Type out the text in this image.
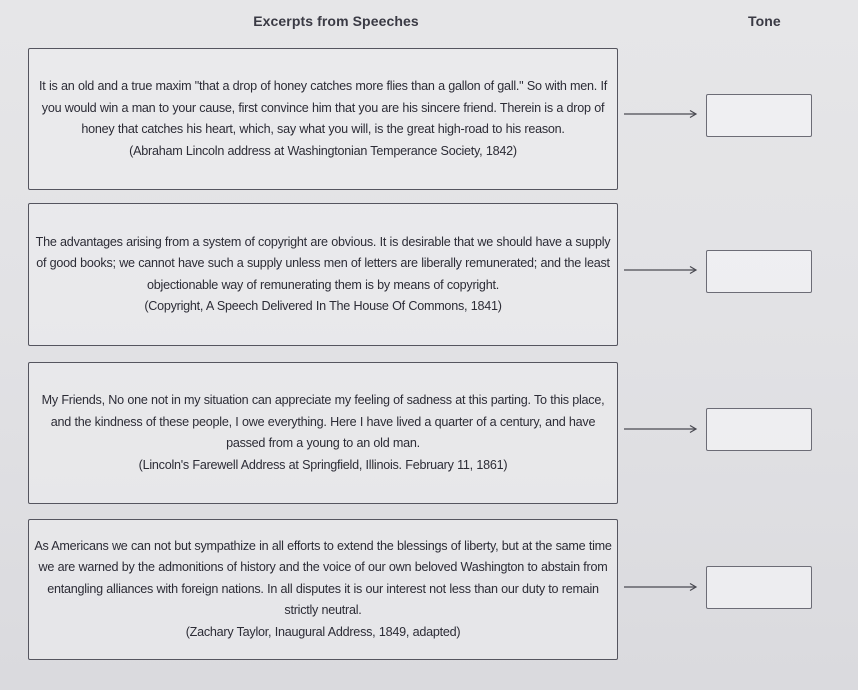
Excerpts from Speeches	Tone
It is an old and a true maxim "that a drop of honey catches more flies than a gallon of gall." So with men. If you would win a man to your cause, first convince him that you are his sincere friend. Therein is a drop of honey that catches his heart, which, say what you will, is the great high-road to his reason.
(Abraham Lincoln address at Washingtonian Temperance Society, 1842)
The advantages arising from a system of copyright are obvious. It is desirable that we should have a supply of good books; we cannot have such a supply unless men of letters are liberally remunerated; and the least objectionable way of remunerating them is by means of copyright.
(Copyright, A Speech Delivered In The House Of Commons, 1841)
My Friends, No one not in my situation can appreciate my feeling of sadness at this parting. To this place, and the kindness of these people, I owe everything. Here I have lived a quarter of a century, and have passed from a young to an old man.
(Lincoln's Farewell Address at Springfield, Illinois. February 11, 1861)
As Americans we can not but sympathize in all efforts to extend the blessings of liberty, but at the same time we are warned by the admonitions of history and the voice of our own beloved Washington to abstain from entangling alliances with foreign nations. In all disputes it is our interest not less than our duty to remain strictly neutral.
(Zachary Taylor, Inaugural Address, 1849, adapted)
